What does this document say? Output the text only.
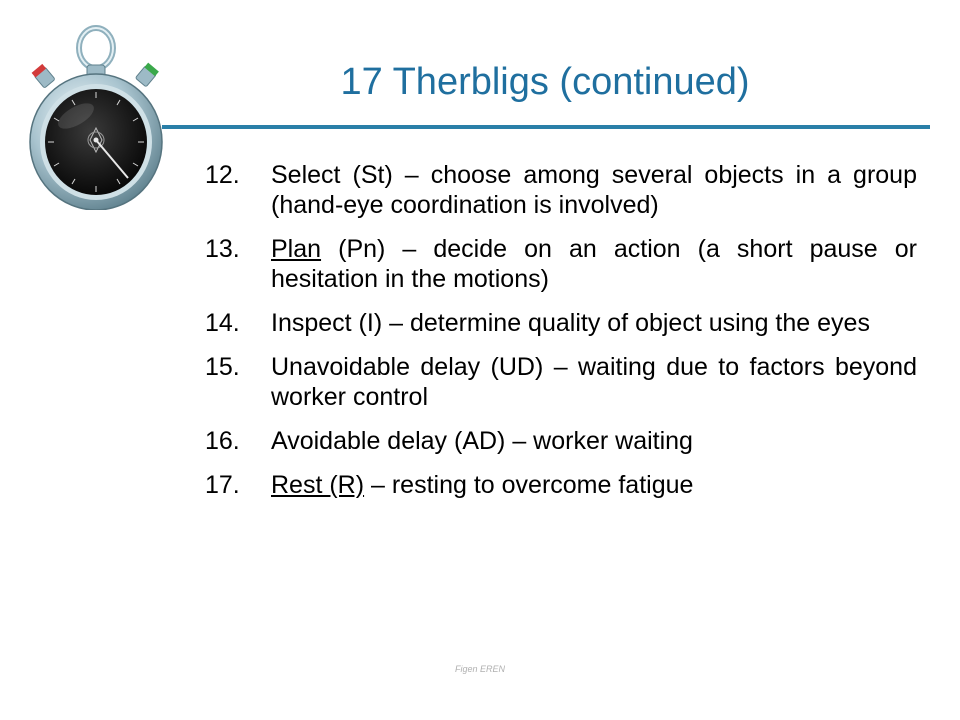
17 Therbligs (continued)
12. Select (St) – choose among several objects in a group (hand-eye coordination is involved)
13. Plan (Pn) – decide on an action (a short pause or hesitation in the motions)
14. Inspect (I) – determine quality of object using the eyes
15. Unavoidable delay (UD) – waiting due to factors beyond worker control
16. Avoidable delay (AD) – worker waiting
17. Rest (R) – resting to overcome fatigue
Figen EREN
